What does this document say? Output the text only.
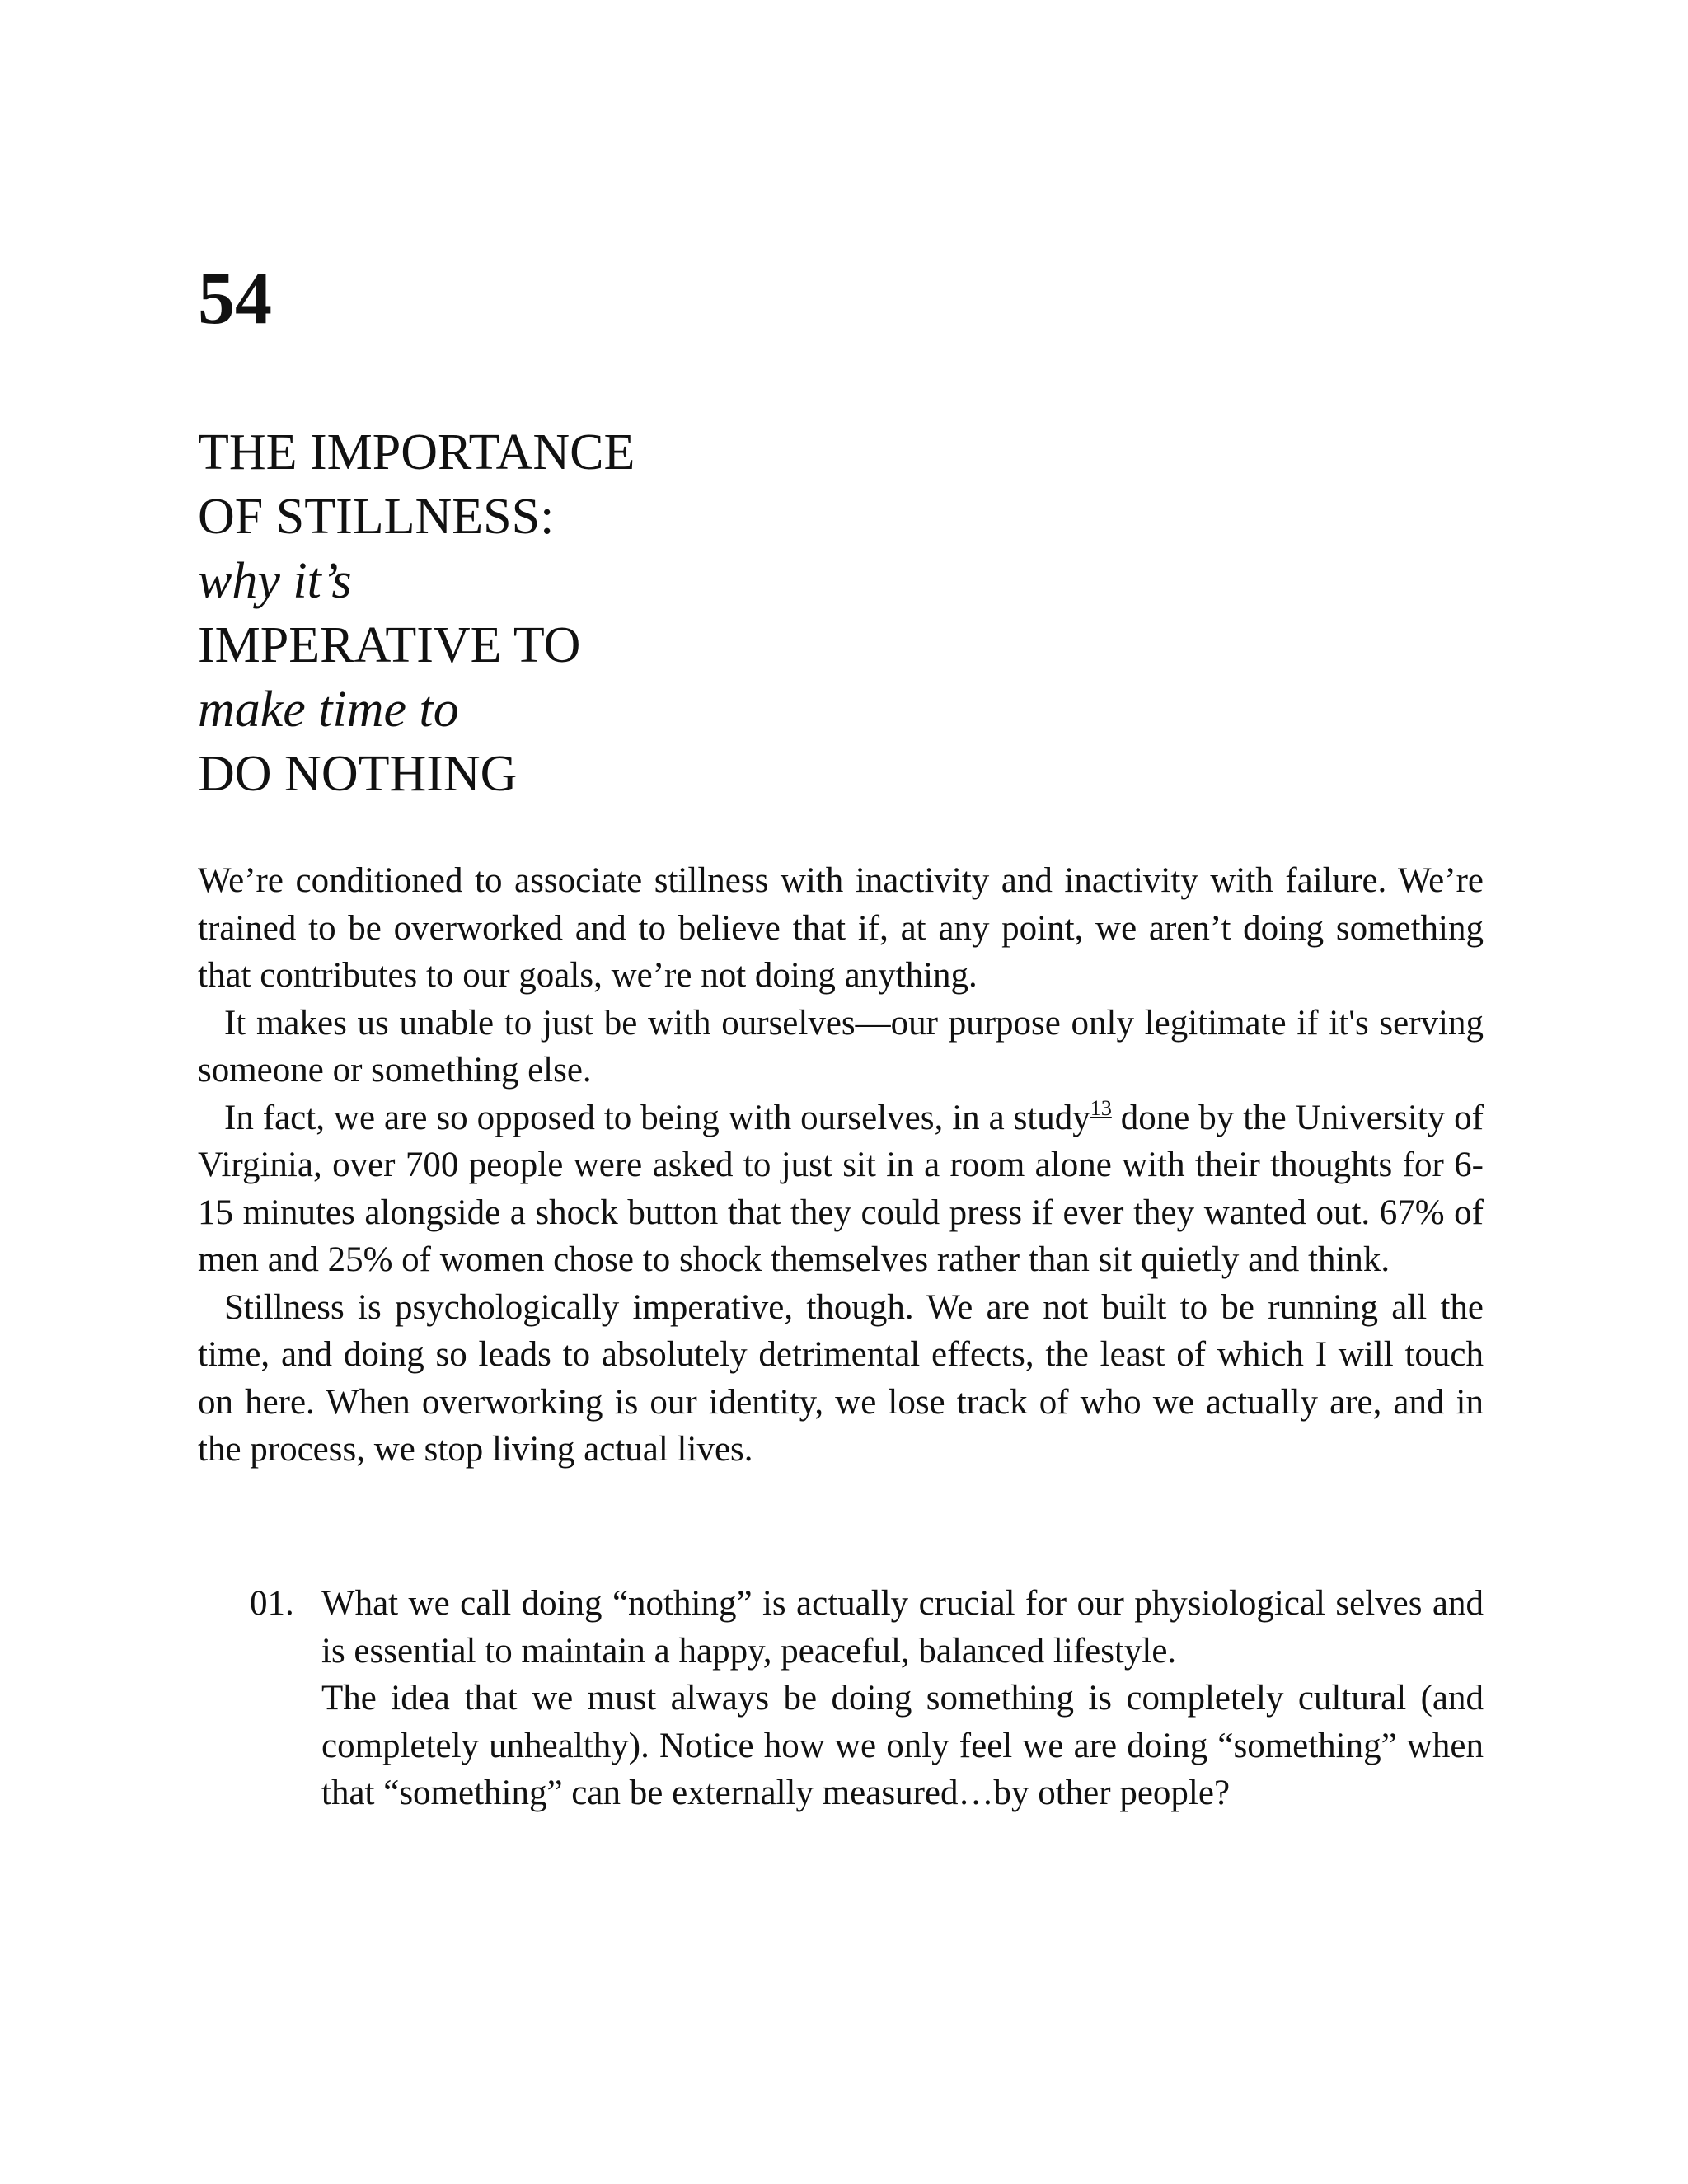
54
THE IMPORTANCE
OF STILLNESS:
why it’s
IMPERATIVE TO
make time to
DO NOTHING

We’re conditioned to associate stillness with inactivity and inactivity with failure. We’re trained to be overworked and to believe that if, at any point, we aren’t doing something that contributes to our goals, we’re not doing anything.

It makes us unable to just be with ourselves—our purpose only legitimate if it's serving someone or something else.

In fact, we are so opposed to being with ourselves, in a study$^{13}$ done by the University of Virginia, over 700 people were asked to just sit in a room alone with their thoughts for 6-15 minutes alongside a shock button that they could press if ever they wanted out. 67% of men and 25% of women chose to shock themselves rather than sit quietly and think.

Stillness is psychologically imperative, though. We are not built to be running all the time, and doing so leads to absolutely detrimental effects, the least of which I will touch on here. When overworking is our identity, we lose track of who we actually are, and in the process, we stop living actual lives.

01. What we call doing “nothing” is actually crucial for our physiological selves and is essential to maintain a happy, peaceful, balanced lifestyle.

The idea that we must always be doing something is completely cultural (and completely unhealthy). Notice how we only feel we are doing “something” when that “something” can be externally measured…by other people?
